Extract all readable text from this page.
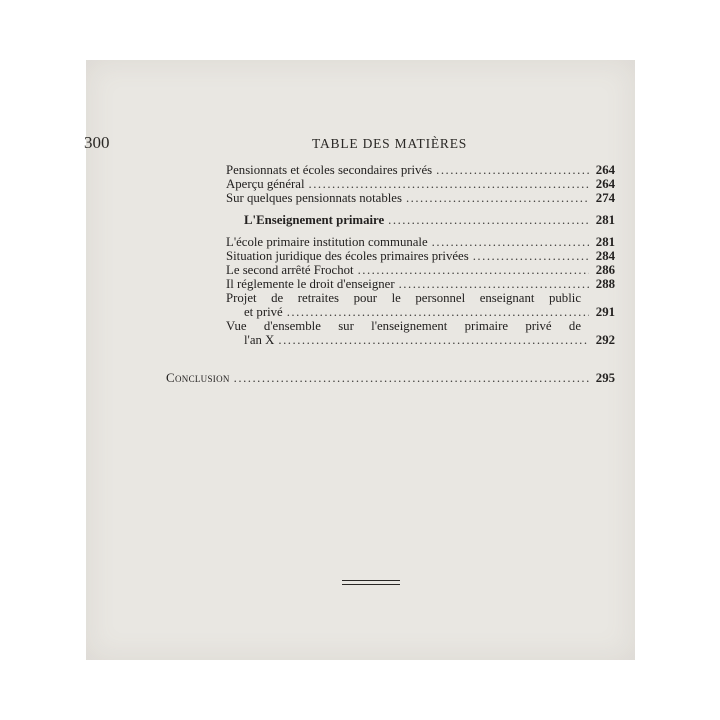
300	TABLE DES MATIÈRES
Pensionnats et écoles secondaires privés .....	264
Aperçu général .....	264
Sur quelques pensionnats notables .....	274
L'Enseignement primaire .....	281
L'école primaire institution communale .....	281
Situation juridique des écoles primaires privées .....	284
Le second arrêté Frochot .....	286
Il réglemente le droit d'enseigner .....	288
Projet de retraites pour le personnel enseignant public
et privé .....	291
Vue d'ensemble sur l'enseignement primaire privé de
l'an X .....	292
Conclusion .....	295
